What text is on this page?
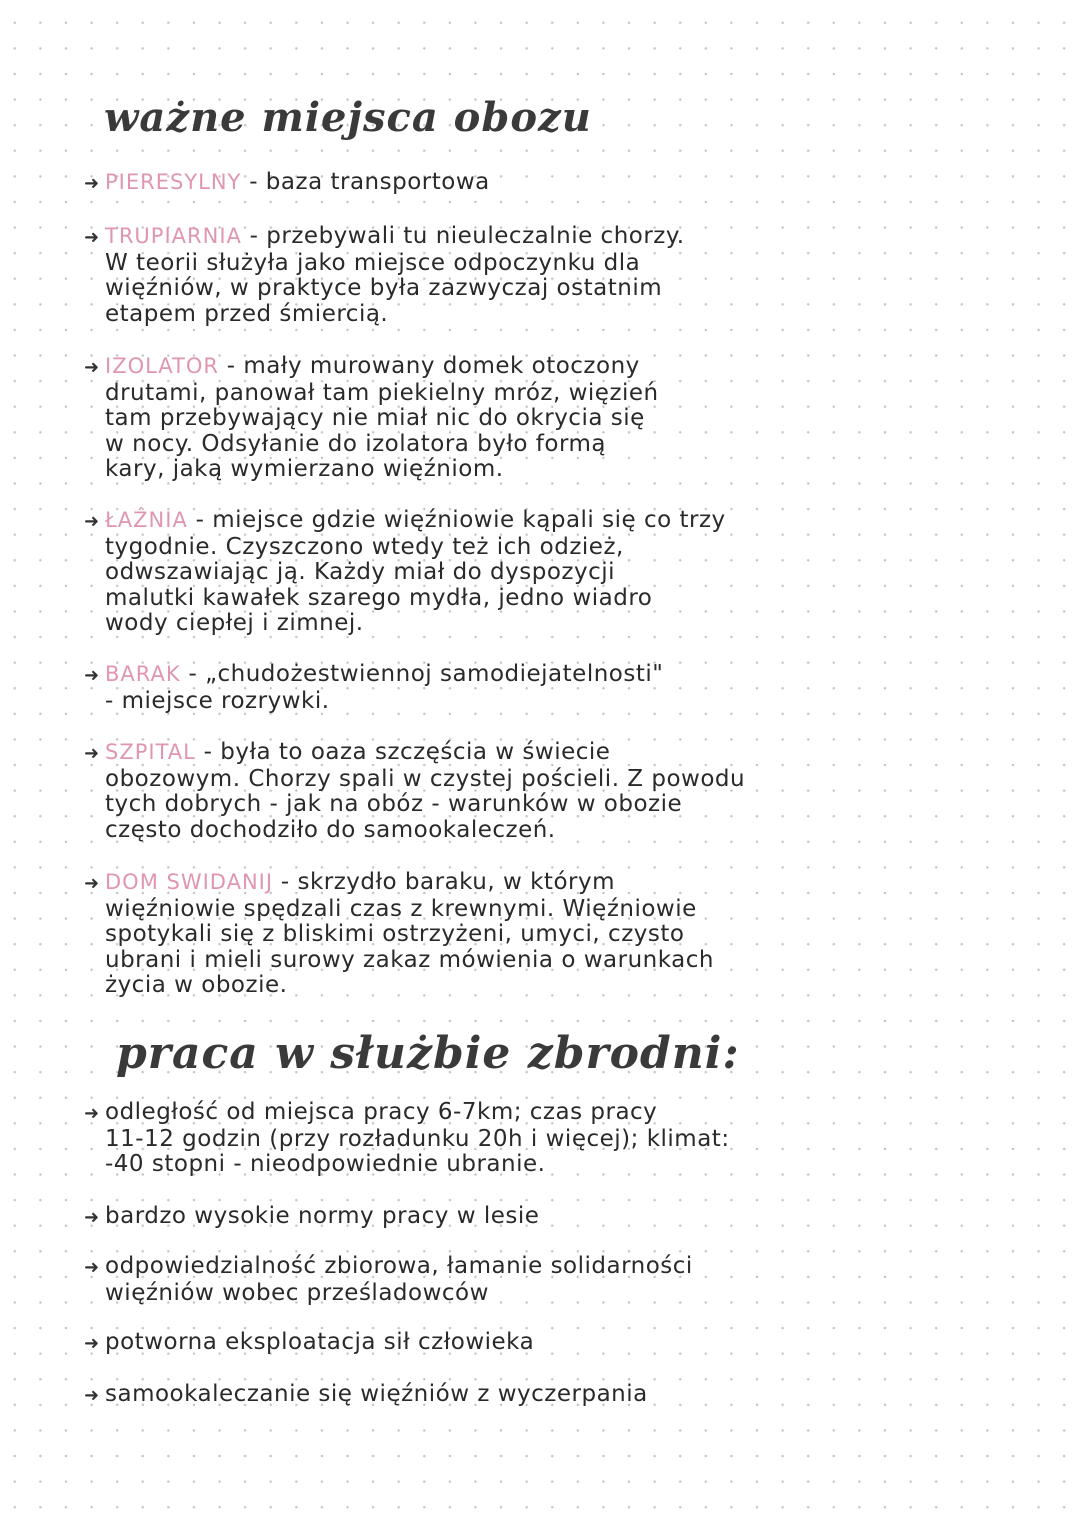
ważne miejsca obozu
➜ PIERESYLNY - baza transportowa
➜ TRUPIARNIA - przebywali tu nieuleczalnie chorzy.
W teorii służyła jako miejsce odpoczynku dla
więźniów, w praktyce była zazwyczaj ostatnim
etapem przed śmiercią.
➜ IZOLATOR - mały murowany domek otoczony
drutami, panował tam piekielny mróz, więzień
tam przebywający nie miał nic do okrycia się
w nocy. Odsyłanie do izolatora było formą
kary, jaką wymierzano więźniom.
➜ ŁAŹNIA - miejsce gdzie więźniowie kąpali się co trzy
tygodnie. Czyszczono wtedy też ich odzież,
odwszawiając ją. Każdy miał do dyspozycji
malutki kawałek szarego mydła, jedno wiadro
wody ciepłej i zimnej.
➜ BARAK - „chudożestwiennoj samodiejatelnosti"
- miejsce rozrywki.
➜ SZPITAL - była to oaza szczęścia w świecie
obozowym. Chorzy spali w czystej pościeli. Z powodu
tych dobrych - jak na obóz - warunków w obozie
często dochodziło do samookaleczeń.
➜ DOM SWIDANIJ - skrzydło baraku, w którym
więźniowie spędzali czas z krewnymi. Więźniowie
spotykali się z bliskimi ostrzyżeni, umyci, czysto
ubrani i mieli surowy zakaz mówienia o warunkach
życia w obozie.
praca w służbie zbrodni:
➜ odległość od miejsca pracy 6-7km; czas pracy
11-12 godzin (przy rozładunku 20h i więcej); klimat:
-40 stopni - nieodpowiednie ubranie.
➜ bardzo wysokie normy pracy w lesie
➜ odpowiedzialność zbiorowa, łamanie solidarności
więźniów wobec prześladowców
➜ potworna eksploatacja sił człowieka
➜ samookaleczanie się więźniów z wyczerpania
